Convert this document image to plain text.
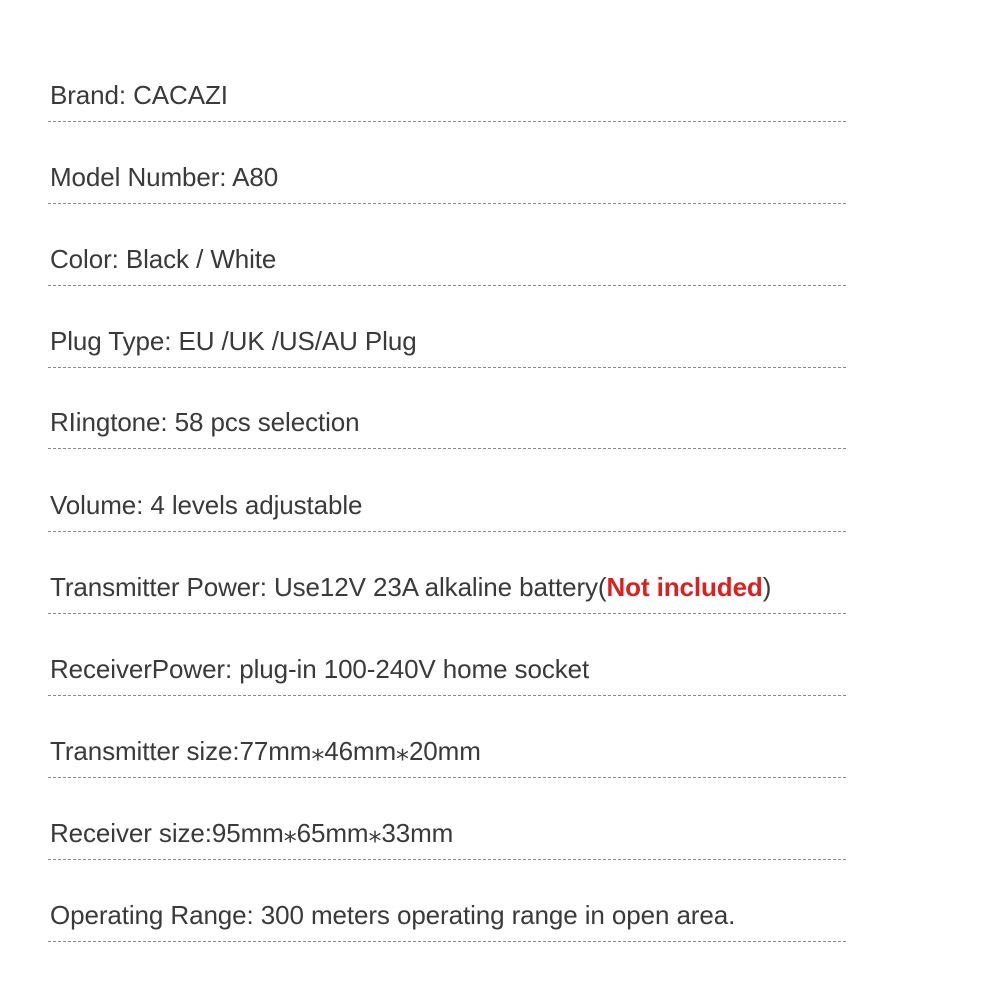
Brand: CACAZI
Model Number: A80
Color: Black / White
Plug Type: EU /UK /US/AU Plug
RIingtone: 58 pcs selection
Volume: 4 levels adjustable
Transmitter Power: Use12V 23A alkaline battery(Not included)
ReceiverPower: plug-in 100-240V home socket
Transmitter size:77mm⁎46mm⁎20mm
Receiver size:95mm⁎65mm⁎33mm
Operating Range: 300 meters operating range in open area.
